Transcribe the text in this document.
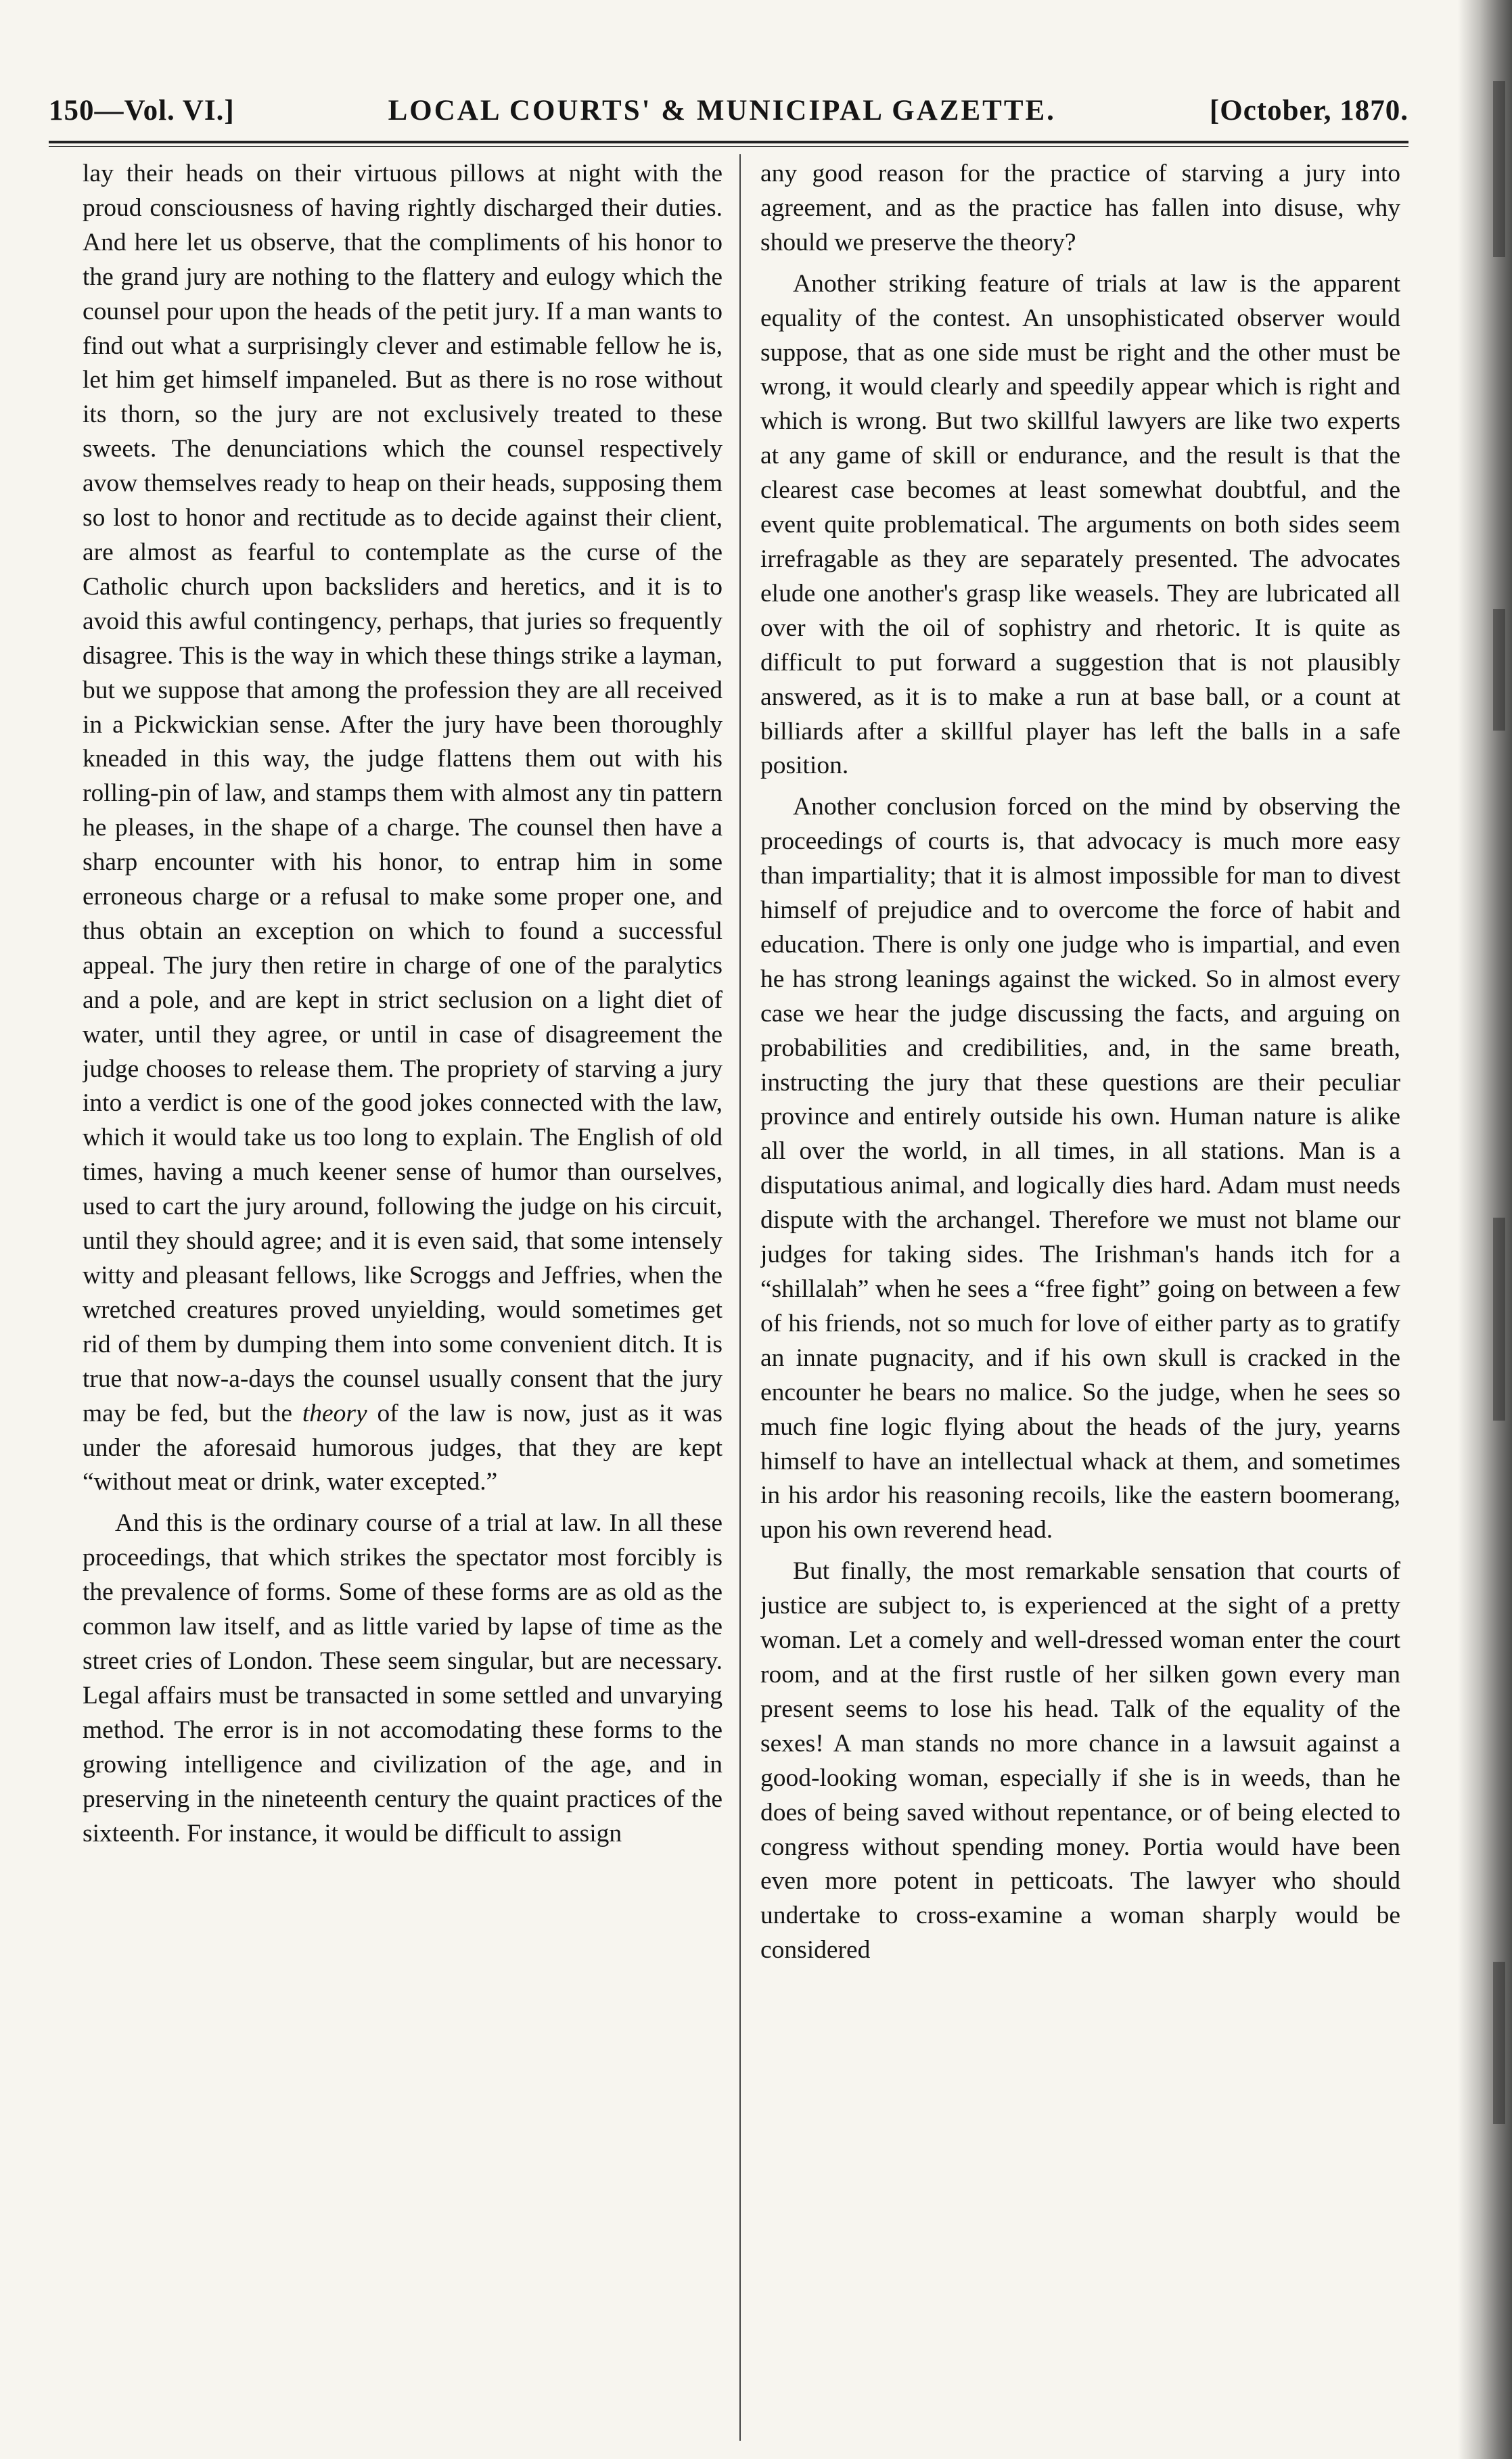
150—Vol. VI.]	LOCAL COURTS' & MUNICIPAL GAZETTE.	[October, 1870.

lay their heads on their virtuous pillows at night with the proud consciousness of having rightly discharged their duties. And here let us observe, that the compliments of his honor to the grand jury are nothing to the flattery and eulogy which the counsel pour upon the heads of the petit jury. If a man wants to find out what a surprisingly clever and estimable fellow he is, let him get himself impaneled. But as there is no rose without its thorn, so the jury are not exclusively treated to these sweets. The denunciations which the counsel respectively avow themselves ready to heap on their heads, supposing them so lost to honor and rectitude as to decide against their client, are almost as fearful to contemplate as the curse of the Catholic church upon backsliders and heretics, and it is to avoid this awful contingency, perhaps, that juries so frequently disagree. This is the way in which these things strike a layman, but we suppose that among the profession they are all received in a Pickwickian sense. After the jury have been thoroughly kneaded in this way, the judge flattens them out with his rolling-pin of law, and stamps them with almost any tin pattern he pleases, in the shape of a charge. The counsel then have a sharp encounter with his honor, to entrap him in some erroneous charge or a refusal to make some proper one, and thus obtain an exception on which to found a successful appeal. The jury then retire in charge of one of the paralytics and a pole, and are kept in strict seclusion on a light diet of water, until they agree, or until in case of disagreement the judge chooses to release them. The propriety of starving a jury into a verdict is one of the good jokes connected with the law, which it would take us too long to explain. The English of old times, having a much keener sense of humor than ourselves, used to cart the jury around, following the judge on his circuit, until they should agree; and it is even said, that some intensely witty and pleasant fellows, like Scroggs and Jeffries, when the wretched creatures proved unyielding, would sometimes get rid of them by dumping them into some convenient ditch. It is true that now-a-days the counsel usually consent that the jury may be fed, but the theory of the law is now, just as it was under the aforesaid humorous judges, that they are kept “without meat or drink, water excepted.”

And this is the ordinary course of a trial at law. In all these proceedings, that which strikes the spectator most forcibly is the prevalence of forms. Some of these forms are as old as the common law itself, and as little varied by lapse of time as the street cries of London. These seem singular, but are necessary. Legal affairs must be transacted in some settled and unvarying method. The error is in not accomodating these forms to the growing intelligence and civilization of the age, and in preserving in the nineteenth century the quaint practices of the sixteenth. For instance, it would be difficult to assign

any good reason for the practice of starving a jury into agreement, and as the practice has fallen into disuse, why should we preserve the theory?

Another striking feature of trials at law is the apparent equality of the contest. An unsophisticated observer would suppose, that as one side must be right and the other must be wrong, it would clearly and speedily appear which is right and which is wrong. But two skillful lawyers are like two experts at any game of skill or endurance, and the result is that the clearest case becomes at least somewhat doubtful, and the event quite problematical. The arguments on both sides seem irrefragable as they are separately presented. The advocates elude one another's grasp like weasels. They are lubricated all over with the oil of sophistry and rhetoric. It is quite as difficult to put forward a suggestion that is not plausibly answered, as it is to make a run at base ball, or a count at billiards after a skillful player has left the balls in a safe position.

Another conclusion forced on the mind by observing the proceedings of courts is, that advocacy is much more easy than impartiality; that it is almost impossible for man to divest himself of prejudice and to overcome the force of habit and education. There is only one judge who is impartial, and even he has strong leanings against the wicked. So in almost every case we hear the judge discussing the facts, and arguing on probabilities and credibilities, and, in the same breath, instructing the jury that these questions are their peculiar province and entirely outside his own. Human nature is alike all over the world, in all times, in all stations. Man is a disputatious animal, and logically dies hard. Adam must needs dispute with the archangel. Therefore we must not blame our judges for taking sides. The Irishman's hands itch for a “shillalah” when he sees a “free fight” going on between a few of his friends, not so much for love of either party as to gratify an innate pugnacity, and if his own skull is cracked in the encounter he bears no malice. So the judge, when he sees so much fine logic flying about the heads of the jury, yearns himself to have an intellectual whack at them, and sometimes in his ardor his reasoning recoils, like the eastern boomerang, upon his own reverend head.

But finally, the most remarkable sensation that courts of justice are subject to, is experienced at the sight of a pretty woman. Let a comely and well-dressed woman enter the court room, and at the first rustle of her silken gown every man present seems to lose his head. Talk of the equality of the sexes! A man stands no more chance in a lawsuit against a good-looking woman, especially if she is in weeds, than he does of being saved without repentance, or of being elected to congress without spending money. Portia would have been even more potent in petticoats. The lawyer who should undertake to cross-examine a woman sharply would be considered
